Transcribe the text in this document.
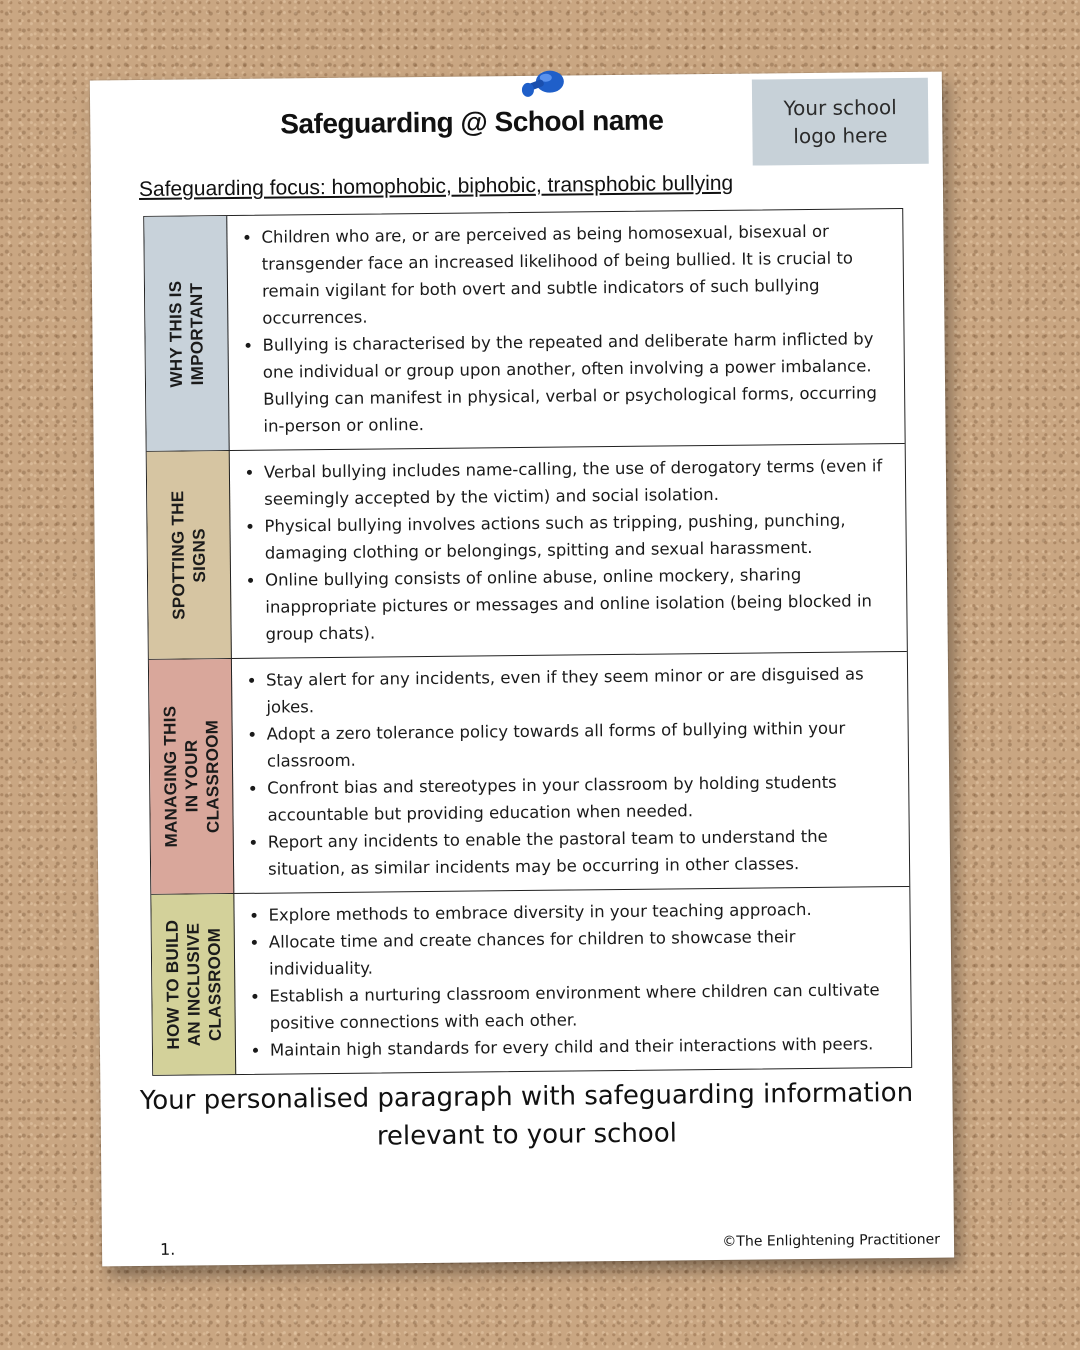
Safeguarding @ School name	Your school logo here
Safeguarding focus: homophobic, biphobic, transphobic bullying
WHY THIS IS
IMPORTANT
• Children who are, or are perceived as being homosexual, bisexual or transgender face an increased likelihood of being bullied. It is crucial to remain vigilant for both overt and subtle indicators of such bullying occurrences.
• Bullying is characterised by the repeated and deliberate harm inflicted by one individual or group upon another, often involving a power imbalance. Bullying can manifest in physical, verbal or psychological forms, occurring in-person or online.
SPOTTING THE
SIGNS
• Verbal bullying includes name-calling, the use of derogatory terms (even if seemingly accepted by the victim) and social isolation.
• Physical bullying involves actions such as tripping, pushing, punching, damaging clothing or belongings, spitting and sexual harassment.
• Online bullying consists of online abuse, online mockery, sharing inappropriate pictures or messages and online isolation (being blocked in group chats).
MANAGING THIS
IN YOUR
CLASSROOM
• Stay alert for any incidents, even if they seem minor or are disguised as jokes.
• Adopt a zero tolerance policy towards all forms of bullying within your classroom.
• Confront bias and stereotypes in your classroom by holding students accountable but providing education when needed.
• Report any incidents to enable the pastoral team to understand the situation, as similar incidents may be occurring in other classes.
HOW TO BUILD
AN INCLUSIVE
CLASSROOM
• Explore methods to embrace diversity in your teaching approach.
• Allocate time and create chances for children to showcase their individuality.
• Establish a nurturing classroom environment where children can cultivate positive connections with each other.
• Maintain high standards for every child and their interactions with peers.
Your personalised paragraph with safeguarding information relevant to your school
1.	©The Enlightening Practitioner
